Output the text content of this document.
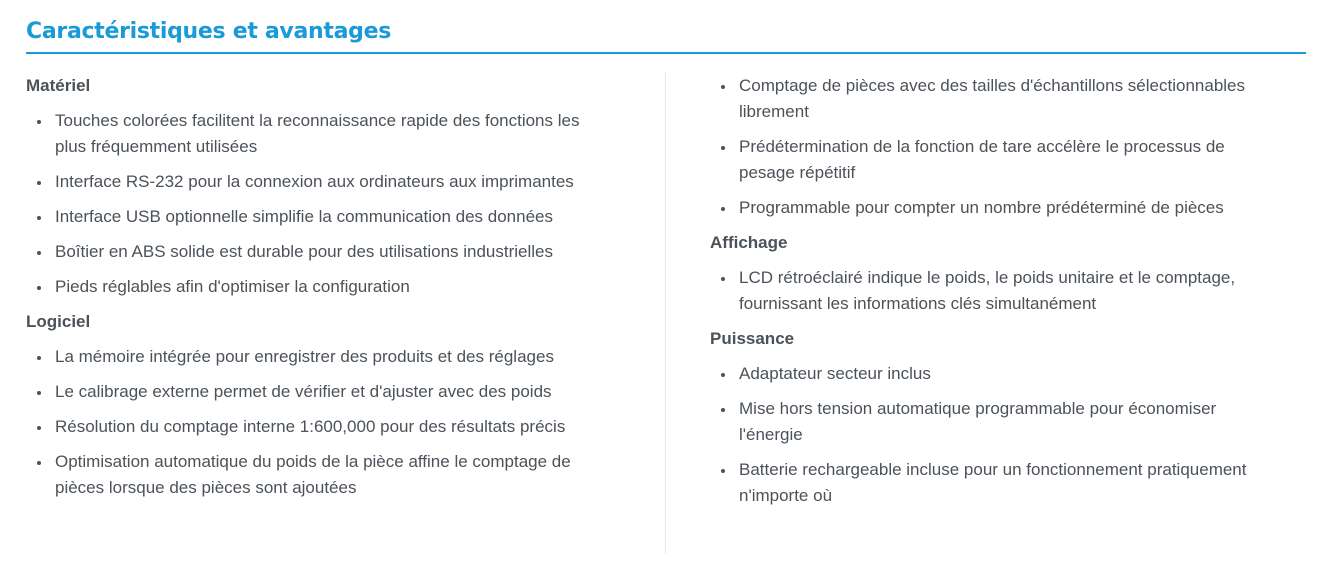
Caractéristiques et avantages
Matériel
Touches colorées facilitent la reconnaissance rapide des fonctions les plus fréquemment utilisées
Interface RS-232 pour la connexion aux ordinateurs aux imprimantes
Interface USB optionnelle simplifie la communication des données
Boîtier en ABS solide est durable pour des utilisations industrielles
Pieds réglables afin d'optimiser la configuration
Logiciel
La mémoire intégrée pour enregistrer des produits et des réglages
Le calibrage externe permet de vérifier et d'ajuster avec des poids
Résolution du comptage interne 1:600,000 pour des résultats précis
Optimisation automatique du poids de la pièce affine le comptage de pièces lorsque des pièces sont ajoutées
Comptage de pièces avec des tailles d'échantillons sélectionnables librement
Prédétermination de la fonction de tare accélère le processus de pesage répétitif
Programmable pour compter un nombre prédéterminé de pièces
Affichage
LCD rétroéclairé indique le poids, le poids unitaire et le comptage, fournissant les informations clés simultanément
Puissance
Adaptateur secteur inclus
Mise hors tension automatique programmable pour économiser l'énergie
Batterie rechargeable incluse pour un fonctionnement pratiquement n'importe où
